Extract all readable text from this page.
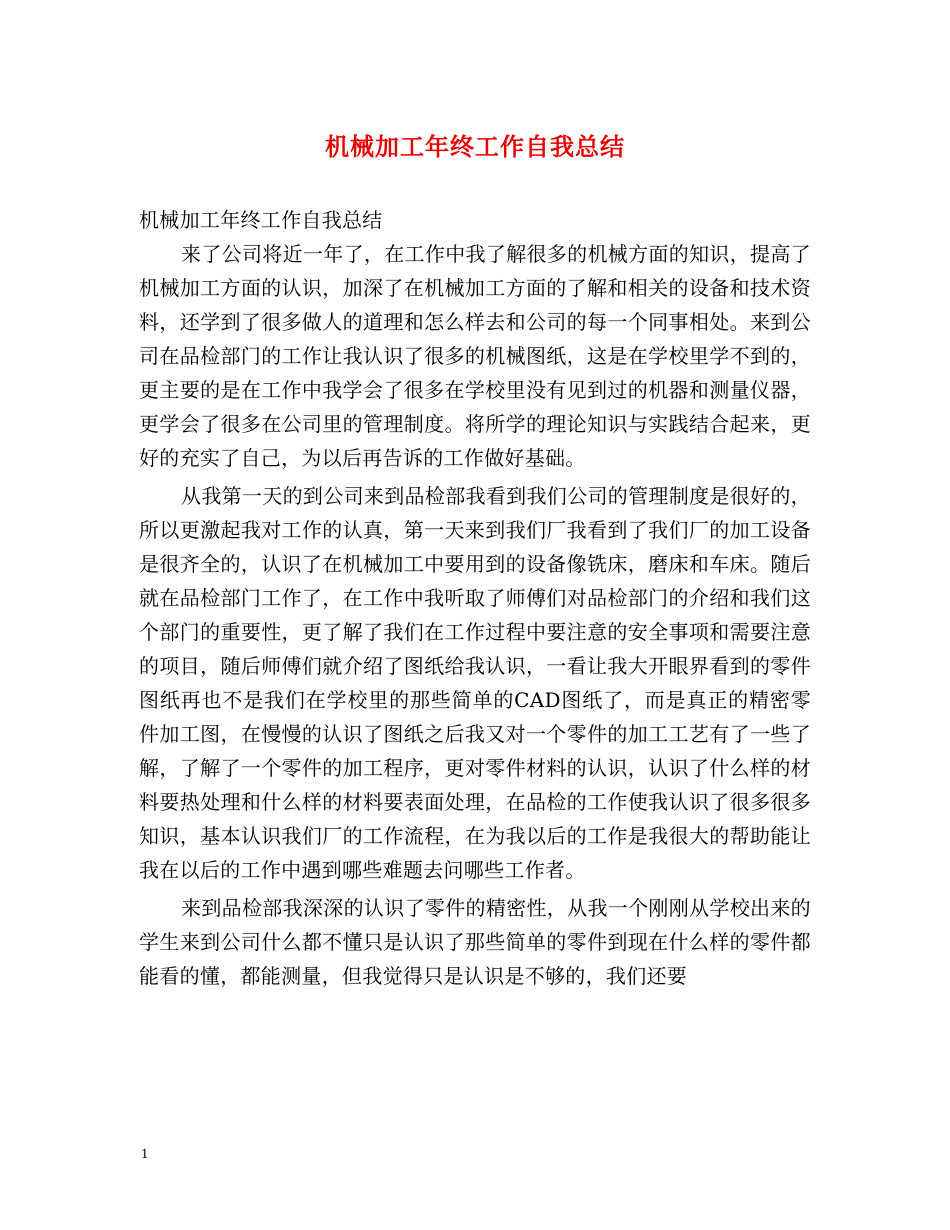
机械加工年终工作自我总结

机械加工年终工作自我总结

来了公司将近一年了，在工作中我了解很多的机械方面的知识，提高了机械加工方面的认识，加深了在机械加工方面的了解和相关的设备和技术资料，还学到了很多做人的道理和怎么样去和公司的每一个同事相处。来到公司在品检部门的工作让我认识了很多的机械图纸，这是在学校里学不到的，更主要的是在工作中我学会了很多在学校里没有见到过的机器和测量仪器，更学会了很多在公司里的管理制度。将所学的理论知识与实践结合起来，更好的充实了自己，为以后再告诉的工作做好基础。

从我第一天的到公司来到品检部我看到我们公司的管理制度是很好的，所以更激起我对工作的认真，第一天来到我们厂我看到了我们厂的加工设备是很齐全的，认识了在机械加工中要用到的设备像铣床，磨床和车床。随后就在品检部门工作了，在工作中我听取了师傅们对品检部门的介绍和我们这个部门的重要性，更了解了我们在工作过程中要注意的安全事项和需要注意的项目，随后师傅们就介绍了图纸给我认识，一看让我大开眼界看到的零件图纸再也不是我们在学校里的那些简单的CAD图纸了，而是真正的精密零件加工图，在慢慢的认识了图纸之后我又对一个零件的加工工艺有了一些了解，了解了一个零件的加工程序，更对零件材料的认识，认识了什么样的材料要热处理和什么样的材料要表面处理，在品检的工作使我认识了很多很多知识，基本认识我们厂的工作流程，在为我以后的工作是我很大的帮助能让我在以后的工作中遇到哪些难题去问哪些工作者。

来到品检部我深深的认识了零件的精密性，从我一个刚刚从学校出来的学生来到公司什么都不懂只是认识了那些简单的零件到现在什么样的零件都能看的懂，都能测量，但我觉得只是认识是不够的，我们还要

1
